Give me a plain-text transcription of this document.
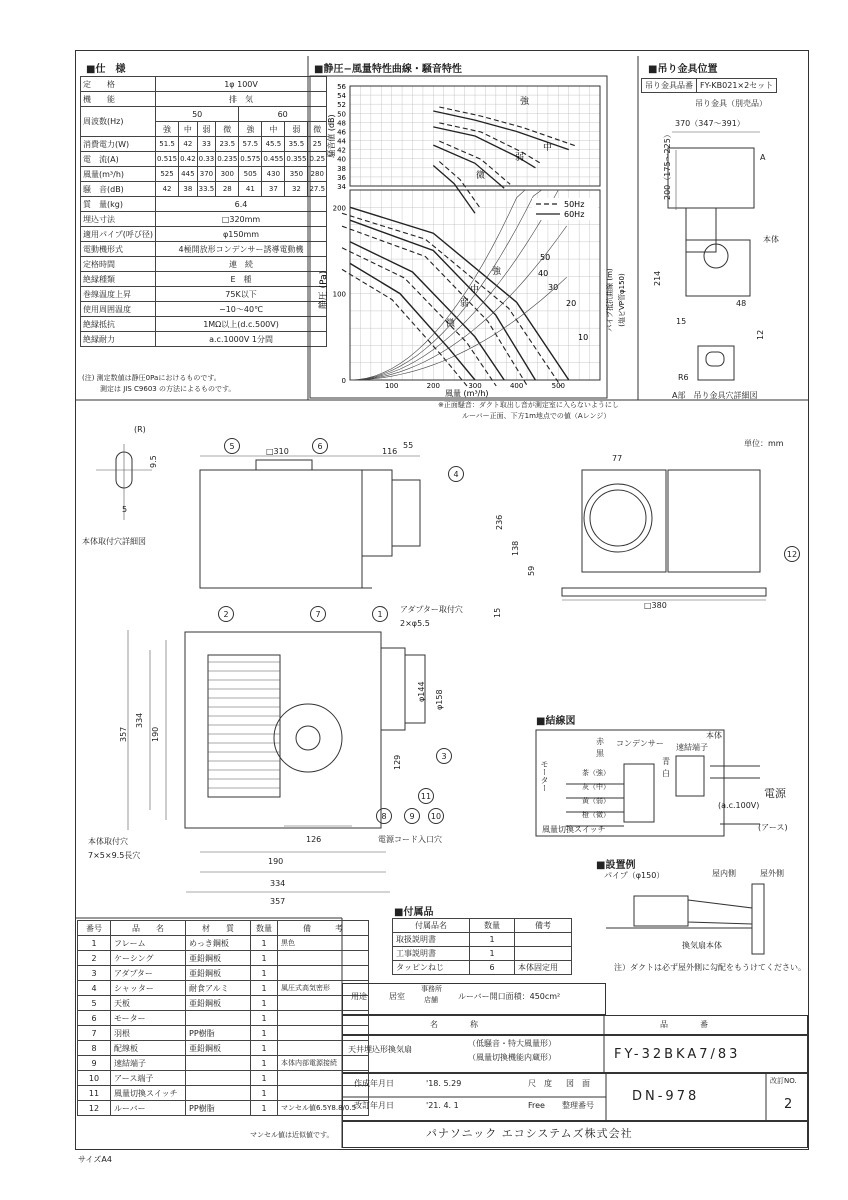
■仕　様
定　　格	1φ 100V							
機　　能	排　気							
周波数(Hz)	50				60			
	強	中	弱	微	強	中	弱	微
消費電力(W)	51.5	42	33	23.5	57.5	45.5	35.5	25
電　流(A)	0.515	0.42	0.33	0.235	0.575	0.455	0.355	0.25
風量(m³/h)	525	445	370	300	505	430	350	280
騒　音(dB)	42	38	33.5	28	41	37	32	27.5
質　量(kg)	6.4							
埋込寸法	□320mm							
適用パイプ(呼び径)	φ150mm							
電動機形式	4極開放形コンデンサー誘導電動機							
定格時間	連　続							
絶縁種類	E　種							
巻線温度上昇	75K以下							
使用周囲温度	−10〜40℃							
絶縁抵抗	1MΩ以上(d.c.500V)							
絶縁耐力	a.c.1000V 1分間							
(注) 測定数値は静圧0Paにおけるものです。
測定は JIS C9603 の方法によるものです。
■静圧−風量特性曲線・騒音特性
34
36
38
40
42
44
46
48
50
52
54
56
100
200
0
100	200	300	400	500
強
中
弱
微
強
中
弱
微
50
40
30
20
10
50Hz
60Hz
騒音値 (dB)
静圧 (Pa)
風量 (m³/h)
パイプ抵抗曲線 (m) (塩ビVP管φ150)
※正面騒音：ダクト取出し音が測定室に入らないようにし
ルーバー正面、下方1m地点での値（Aレンジ）
■吊り金具位置
吊り金具品番	FY-KB021×2セット
吊り金具（別売品）
370（347〜391）
200（175〜225）
本体
A
214
48
15
12
R6
A部　吊り金具穴詳細図
単位：mm
本体取付穴詳細図
(R)
9.5
5
□310	116
55
77
236
138
59
15
□380
アダプター取付穴
2×φ5.5
357	190
334
φ144 φ158
129
126
190
334
357
本体取付穴
7×5×9.5長穴
電源コード入口穴
5	6
4
12
2	7	1
3
11
8	9	10
■結線図
赤
黒
コンデンサー
本体
速結端子
青
白
モーター	茶（強）
灰（中）
黄（弱）
橙（微）
電源
(a.c.100V)
(アース)
風量切換スイッチ
■設置例
パイプ（φ150）	屋内側	屋外側
換気扇本体
注）ダクトは必ず屋外側に勾配をもうけてください。
■付属品
付属品名	数量	備考
取扱説明書	1	
工事説明書	1	
タッピンねじ	6	本体固定用
番号	品　　名	材　　質	数量	備　　　考
1	フレーム	めっき鋼板	1	黒色
2	ケーシング	亜鉛鋼板	1	
3	アダプター	亜鉛鋼板	1	
4	シャッター	耐食アルミ	1	風圧式高気密形
5	天板	亜鉛鋼板	1	
6	モーター		1	
7	羽根	PP樹脂	1	
8	配線板	亜鉛鋼板	1	
9	速結端子		1	本体内部電源接続
10	アース端子		1	
11	風量切換スイッチ		1	
12	ルーバー	PP樹脂	1	マンセル値6.5Y8.8/0.5
マンセル値は近似値です。
用途	居室
事務所
店舗	ルーバー開口面積：450cm²
名　　　　称	品　　　　番
天井埋込形換気扇
（低騒音・特大風量形）
（風量切換機能内蔵形）	FY-32BKA7/83
作成年月日	'18. 5.29	尺　度 図　面
DN-978
改訂年月日	'21. 4. 1	Free 整理番号
改訂NO.
2
パナソニック エコシステムズ株式会社
サイズA4
